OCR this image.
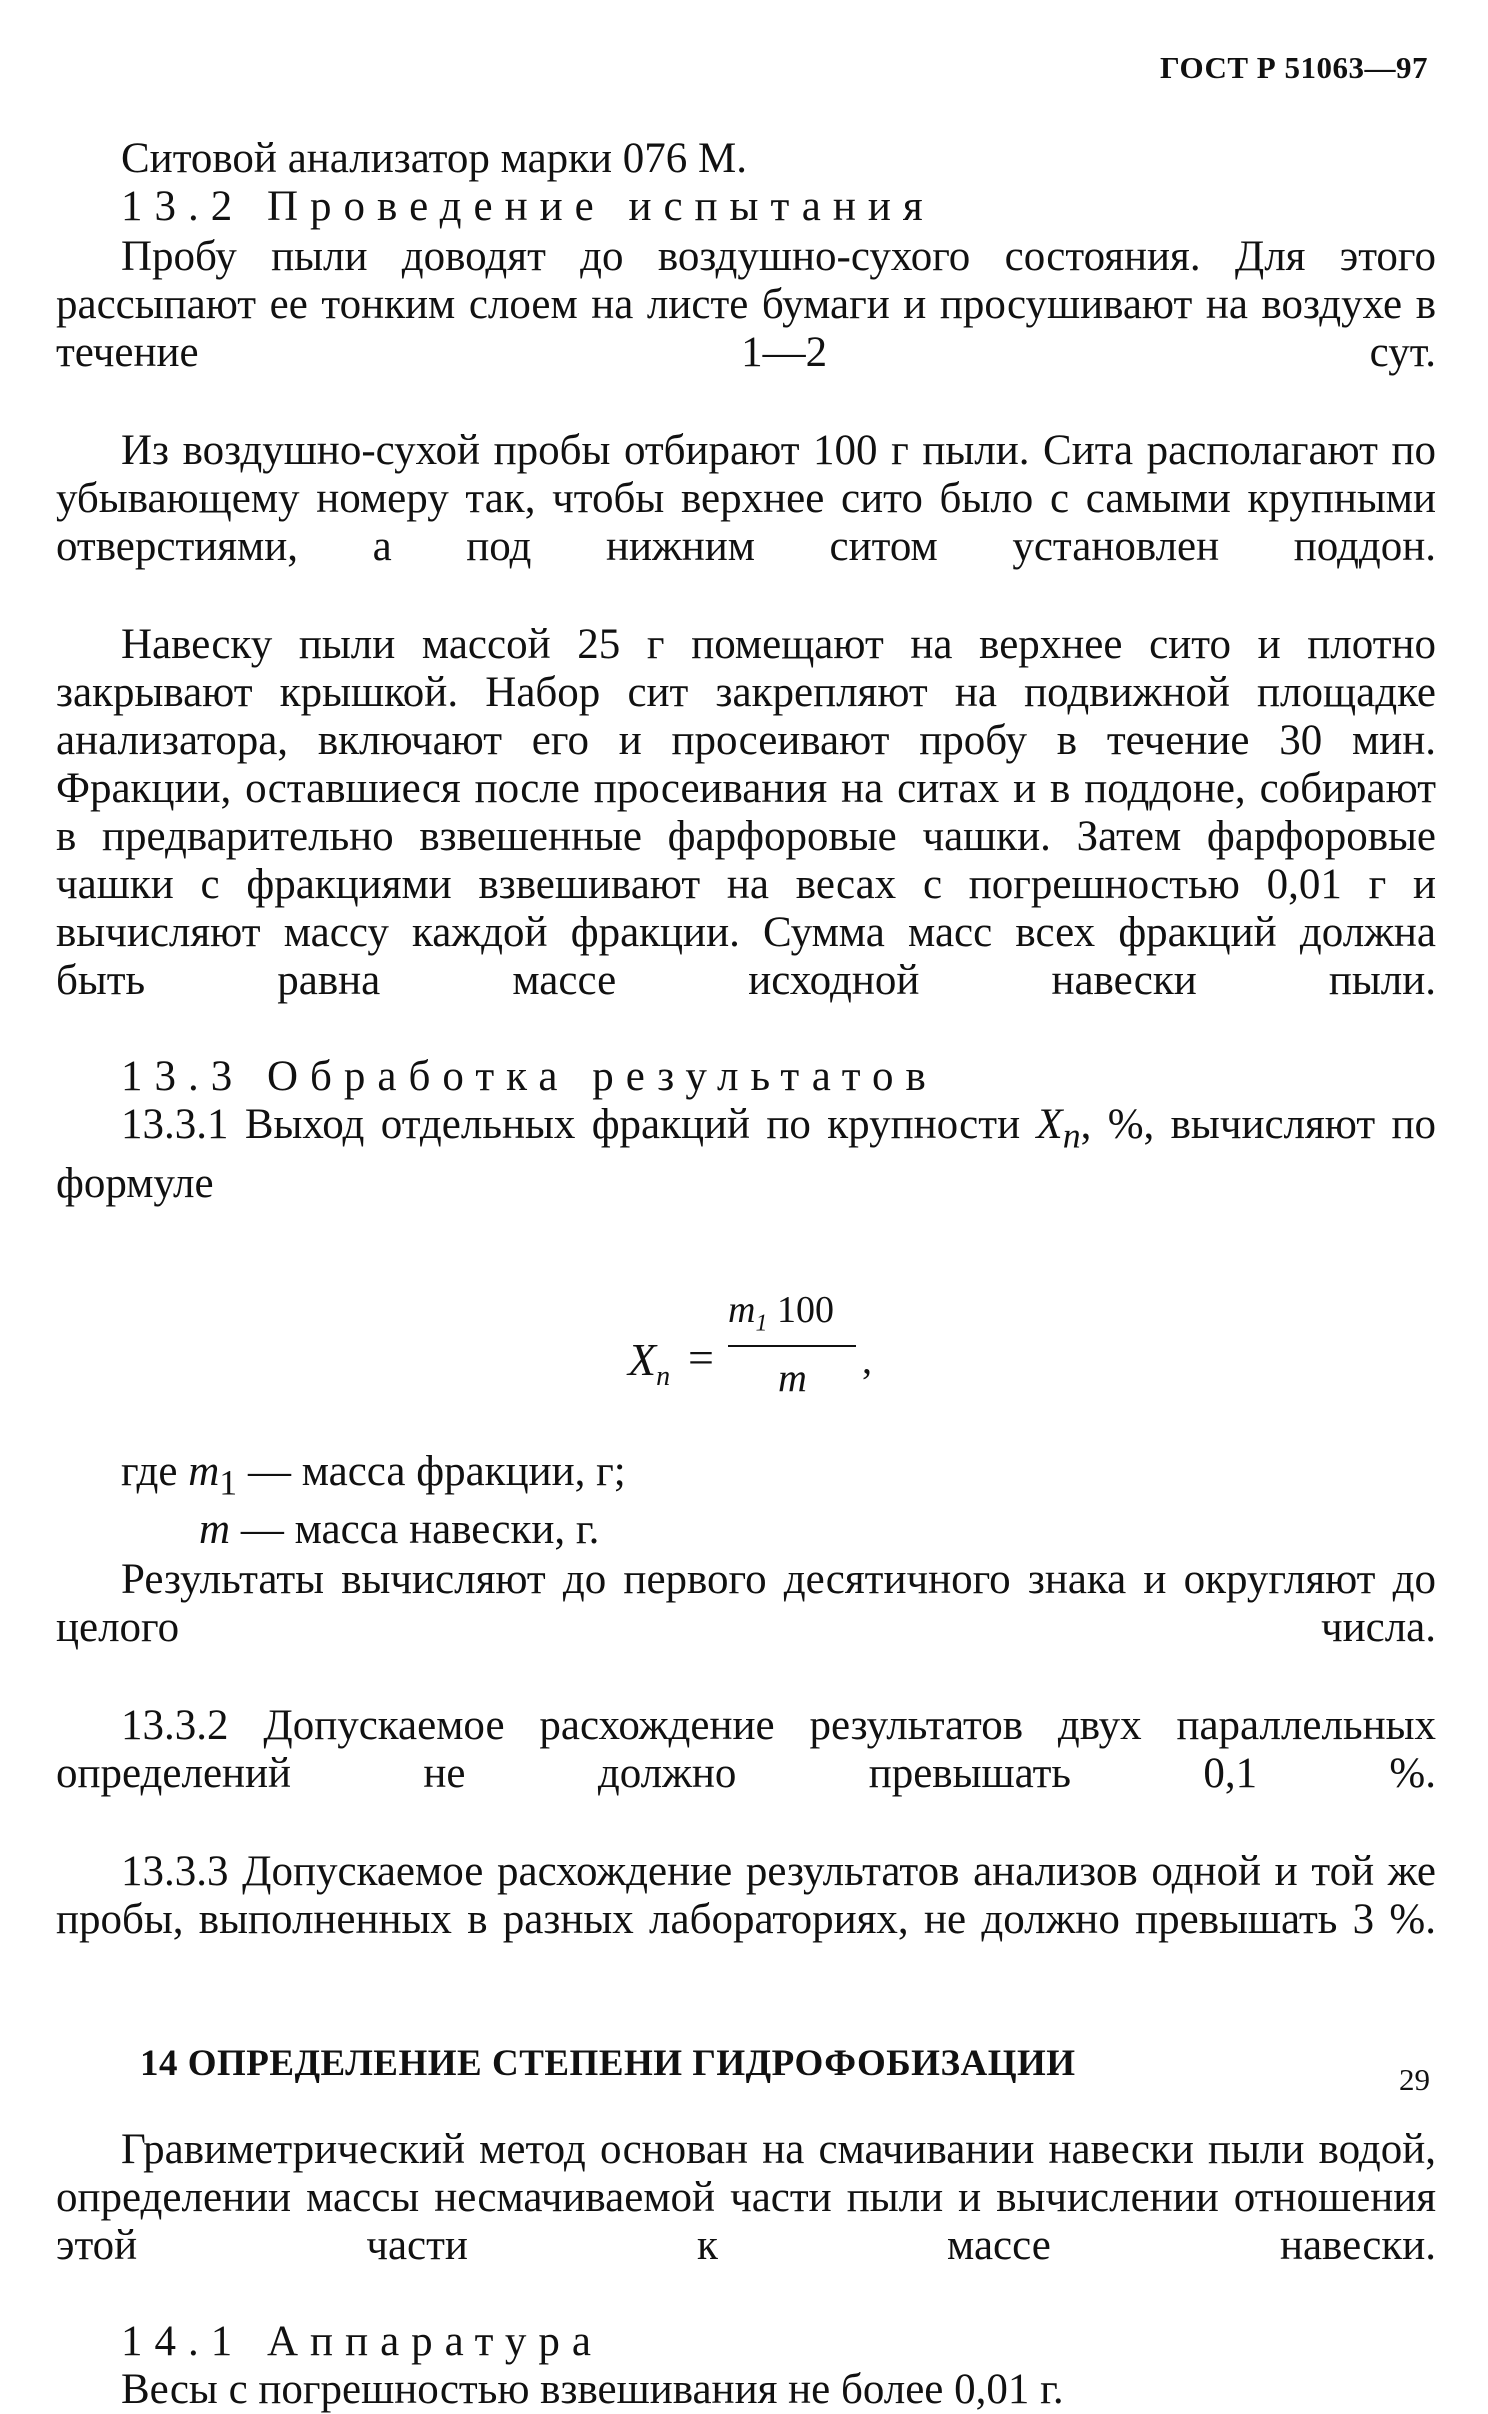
ГОСТ Р 51063—97

Ситовой анализатор марки 076 М.

13.2 Проведение испытания

Пробу пыли доводят до воздушно-сухого состояния. Для этого рассыпают ее тонким слоем на листе бумаги и просушивают на воздухе в течение 1—2 сут.

Из воздушно-сухой пробы отбирают 100 г пыли. Сита располагают по убывающему номеру так, чтобы верхнее сито было с самыми крупными отверстиями, а под нижним ситом установлен поддон.

Навеску пыли массой 25 г помещают на верхнее сито и плотно закрывают крышкой. Набор сит закрепляют на подвижной площадке анализатора, включают его и просеивают пробу в течение 30 мин. Фракции, оставшиеся после просеивания на ситах и в поддоне, собирают в предварительно взвешенные фарфоровые чашки. Затем фарфоровые чашки с фракциями взвешивают на весах с погрешностью 0,01 г и вычисляют массу каждой фракции. Сумма масс всех фракций должна быть равна массе исходной навески пыли.

13.3 Обработка результатов

13.3.1 Выход отдельных фракций по крупности $X_n$, %, вычисляют по формуле

$X_n$ =
$m_1$ 100
m ,

где $m_1$ — масса фракции, г;

m — масса навески, г.

Результаты вычисляют до первого десятичного знака и округляют до целого числа.

13.3.2 Допускаемое расхождение результатов двух параллельных определений не должно превышать 0,1 %.

13.3.3 Допускаемое расхождение результатов анализов одной и той же пробы, выполненных в разных лабораториях, не должно превышать 3 %.

14 ОПРЕДЕЛЕНИЕ СТЕПЕНИ ГИДРОФОБИЗАЦИИ

Гравиметрический метод основан на смачивании навески пыли водой, определении массы несмачиваемой части пыли и вычислении отношения этой части к массе навески.

14.1 Аппаратура

Весы с погрешностью взвешивания не более 0,01 г.

29
